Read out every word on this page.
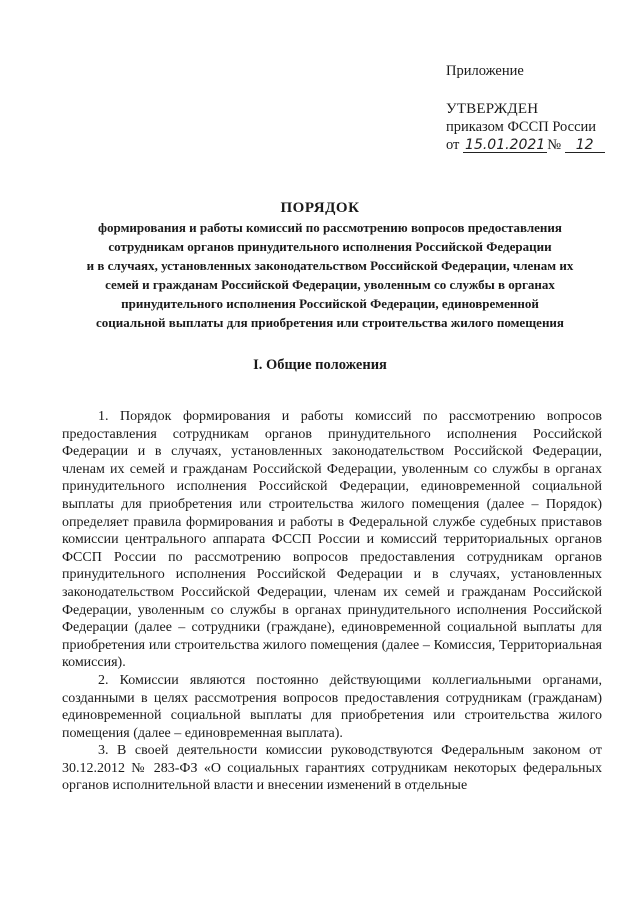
Приложение
УТВЕРЖДЕН
приказом ФССП России
от 15.01.2021 № 12
ПОРЯДОК
формирования и работы комиссий по рассмотрению вопросов предоставления
сотрудникам органов принудительного исполнения Российской Федерации
и в случаях, установленных законодательством Российской Федерации, членам их
семей и гражданам Российской Федерации, уволенным со службы в органах
принудительного исполнения Российской Федерации, единовременной
социальной выплаты для приобретения или строительства жилого помещения
I. Общие положения

1. Порядок формирования и работы комиссий по рассмотрению вопросов предоставления сотрудникам органов принудительного исполнения Российской Федерации и в случаях, установленных законодательством Российской Федерации, членам их семей и гражданам Российской Федерации, уволенным со службы в органах принудительного исполнения Российской Федерации, единовременной социальной выплаты для приобретения или строительства жилого помещения (далее – Порядок) определяет правила формирования и работы в Федеральной службе судебных приставов комиссии центрального аппарата ФССП России и комиссий территориальных органов ФССП России по рассмотрению вопросов предоставления сотрудникам органов принудительного исполнения Российской Федерации и в случаях, установленных законодательством Российской Федерации, членам их семей и гражданам Российской Федерации, уволенным со службы в органах принудительного исполнения Российской Федерации (далее – сотрудники (граждане), единовременной социальной выплаты для приобретения или строительства жилого помещения (далее – Комиссия, Территориальная комиссия).

2. Комиссии являются постоянно действующими коллегиальными органами, созданными в целях рассмотрения вопросов предоставления сотрудникам (гражданам) единовременной социальной выплаты для приобретения или строительства жилого помещения (далее – единовременная выплата).

3. В своей деятельности комиссии руководствуются Федеральным законом от 30.12.2012 № 283-ФЗ «О социальных гарантиях сотрудникам некоторых федеральных органов исполнительной власти и внесении изменений в отдельные
